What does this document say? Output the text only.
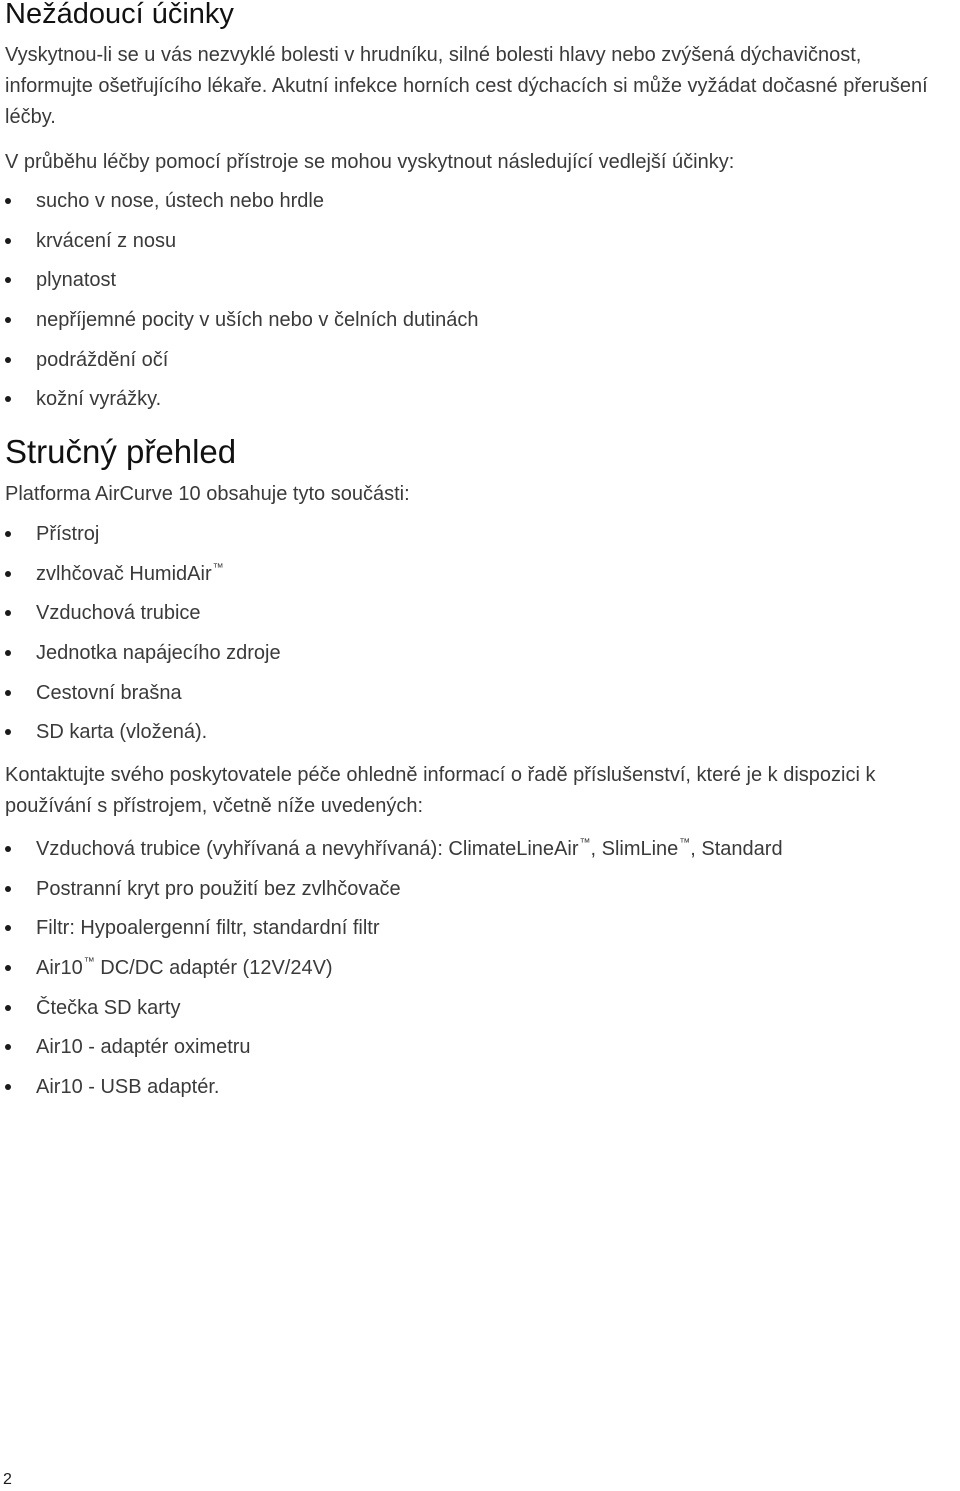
Nežádoucí účinky

Vyskytnou-li se u vás nezvyklé bolesti v hrudníku, silné bolesti hlavy nebo zvýšená dýchavičnost, informujte ošetřujícího lékaře. Akutní infekce horních cest dýchacích si může vyžádat dočasné přerušení léčby.

V průběhu léčby pomocí přístroje se mohou vyskytnout následující vedlejší účinky:

sucho v nose, ústech nebo hrdle
krvácení z nosu
plynatost
nepříjemné pocity v uších nebo v čelních dutinách
podráždění očí
kožní vyrážky.
Stručný přehled

Platforma AirCurve 10 obsahuje tyto součásti:

Přístroj
zvlhčovač HumidAir™
Vzduchová trubice
Jednotka napájecího zdroje
Cestovní brašna
SD karta (vložená).

Kontaktujte svého poskytovatele péče ohledně informací o řadě příslušenství, které je k dispozici k používání s přístrojem, včetně níže uvedených:

Vzduchová trubice (vyhřívaná a nevyhřívaná): ClimateLineAir™, SlimLine™, Standard
Postranní kryt pro použití bez zvlhčovače
Filtr: Hypoalergenní filtr, standardní filtr
Air10™ DC/DC adaptér (12V/24V)
Čtečka SD karty
Air10 - adaptér oximetru
Air10 - USB adaptér.
2
